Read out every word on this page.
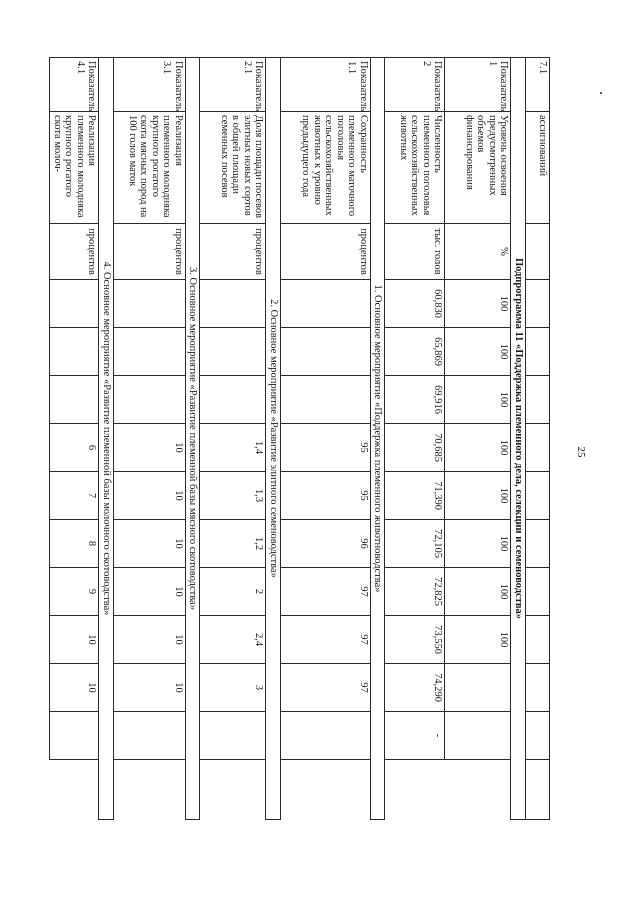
25
7.1	ассигнований												
Подпрограмма 11 «Поддержка племенного дела, селекции и семеноводства»													
Показатель 1	Уровень освоения предусмотренных объемов финансирования	%	100	100	100	100	100	100	100	100			
Показатель 2	Численность племенного поголовья сельскохозяйственных животных	тыс. голов	60,830	65,869	69,916	70,685	71,390	72,105	72,825	73,550	74,290	-	
1. Основное мероприятие «Поддержка племенного животноводства»													
Показатель 1.1	Сохранность племенного маточного поголовья сельскохозяйственных животных к уровню предыдущего года	процентов				95	95	96	97	97	97		
2. Основное мероприятие «Развитие элитного семеноводства»													
Показатель 2.1	Доля площади посевов элитных новых сортов в общей площади семенных посевов	процентов				1,4	1,3	1,2	2	2,4	3		
3. Основное мероприятие «Развитие племенной базы мясного скотоводства»													
Показатель 3.1	Реализация племенного молодняка крупного рогатого скота мясных пород на 100 голов маток	процентов				10	10	10	10	10	10		
4. Основное мероприятие «Развитие племенной базы молочного скотоводства»													
Показатель 4.1	Реализация племенного молодняка крупного рогатого скота молоч-	процентов				6	7	8	9	10	10		
